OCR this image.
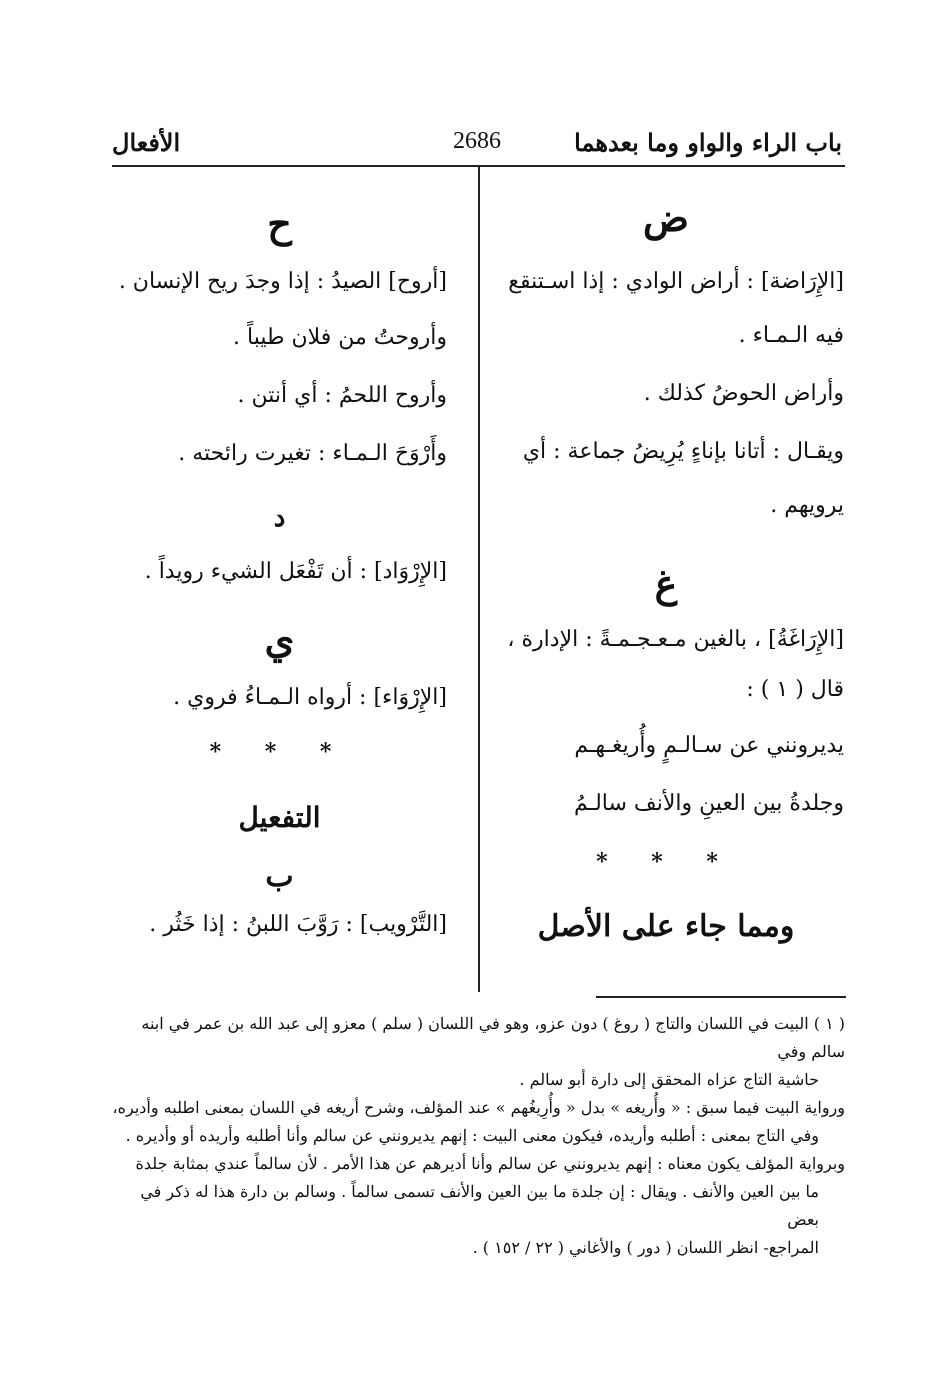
باب الراء والواو وما بعدهما
2686
الأفعال
ض

[الإِرَاضة] : أراض الوادي : إذا اسـتنقع

فيه الـمـاء .

وأراض الحوضُ كذلك .

ويقـال : أتانا بإناءٍ يُرِيضُ جماعة : أي

يرويهم .

غ

[الإِرَاغَةُ] ، بالغين مـعـجـمـةً : الإدارة ،

قال ( ١ ) :

يديرونني عن سـالـمٍ وأُريغـهـم

وجلدةُ بين العينِ والأنف سالـمُ

* * *
ومما جاء على الأصل
ح

[أروح] الصيدُ : إذا وجدَ ريح الإنسان .

وأروحتُ من فلان طيباً .

وأروح اللحمُ : أي أنتن .

وأَرْوَحَ الـمـاء : تغيرت رائحته .

د

[الإِرْوَاد] : أن تَفْعَل الشيء رويداً .

ي

[الإِرْوَاء] : أرواه الـمـاءُ فروي .

* * *
التفعيل
ب

[التَّرْويب] : رَوَّبَ اللبنُ : إذا خَثُر .

( ١ ) البيت في اللسان والتاج ( روغ ) دون عزو، وهو في اللسان ( سلم ) معزو إلى عبد الله بن عمر في ابنه سالم وفي

حاشية التاج عزاه المحقق إلى دارة أبو سالم .

ورواية البيت فيما سبق : « وأُريغه » بدل « وأُرِيغُهم » عند المؤلف، وشرح أريغه في اللسان بمعنى اطلبه وأديره،

وفي التاج بمعنى : أطلبه وأريده، فيكون معنى البيت : إنهم يديرونني عن سالم وأنا أطلبه وأريده أو وأديره .

وبرواية المؤلف يكون معناه : إنهم يديرونني عن سالم وأنا أديرهم عن هذا الأمر . لأن سالماً عندي بمثابة جلدة

ما بين العين والأنف . ويقال : إن جلدة ما بين العين والأنف تسمى سالماً . وسالم بن دارة هذا له ذكر في بعض

المراجع- انظر اللسان ( دور ) والأغاني ( ٢٢ / ١٥٢ ) .
